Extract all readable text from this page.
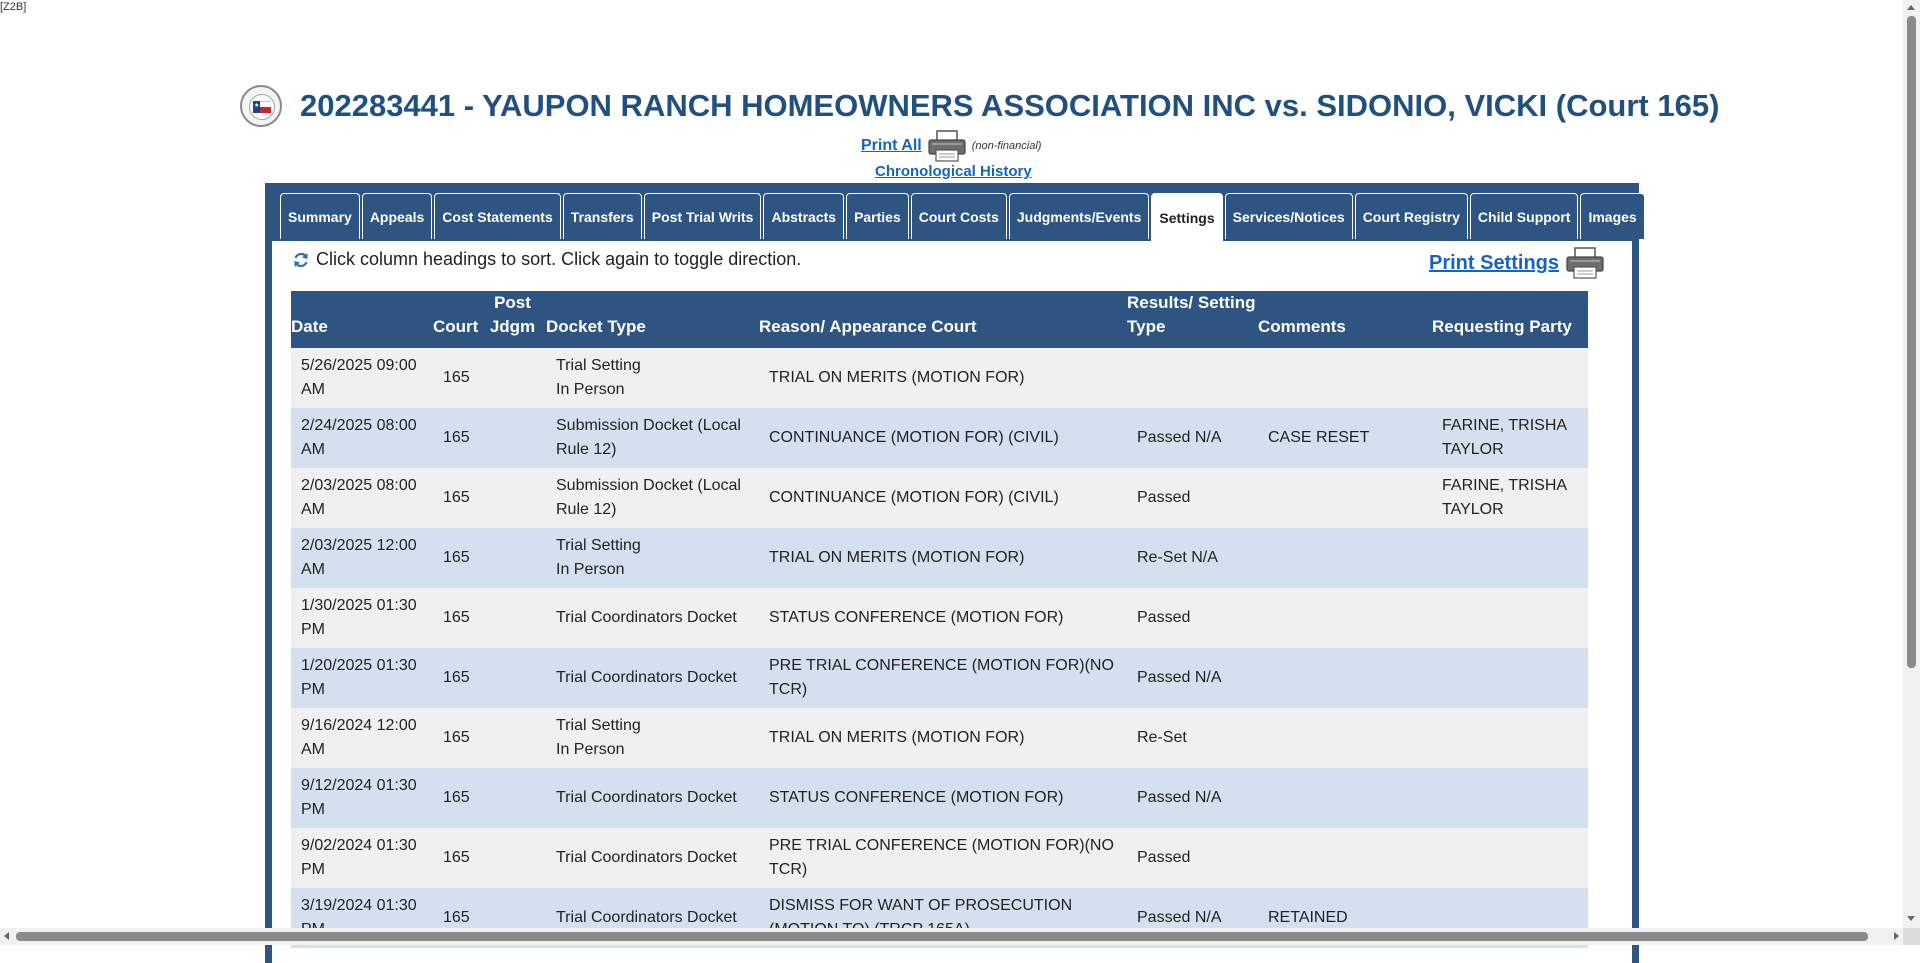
[Z2B]
★ 202283441 - YAUPON RANCH HOMEOWNERS ASSOCIATION INC vs. SIDONIO, VICKI (Court 165)
Print All	(non-financial)
Chronological History
Summary	Appeals	Cost Statements	Transfers	Post Trial Writs	Abstracts	Parties	Court Costs	Judgments/Events	Settings	Services/Notices	Court Registry	Child Support	Images
Click column headings to sort. Click again to toggle direction.	Print Settings
Date	Court	Post
Jdgm	Docket Type	Reason/ Appearance Court	Results/ Setting
Type	Comments	Requesting Party
5/26/2025 09:00
AM	165		Trial Setting
In Person	TRIAL ON MERITS (MOTION FOR)			
2/24/2025 08:00
AM	165		Submission Docket (Local
Rule 12)	CONTINUANCE (MOTION FOR) (CIVIL)	Passed N/A	CASE RESET	FARINE, TRISHA
TAYLOR
2/03/2025 08:00
AM	165		Submission Docket (Local
Rule 12)	CONTINUANCE (MOTION FOR) (CIVIL)	Passed		FARINE, TRISHA
TAYLOR
2/03/2025 12:00
AM	165		Trial Setting
In Person	TRIAL ON MERITS (MOTION FOR)	Re-Set N/A		
1/30/2025 01:30
PM	165		Trial Coordinators Docket	STATUS CONFERENCE (MOTION FOR)	Passed		
1/20/2025 01:30
PM	165		Trial Coordinators Docket	PRE TRIAL CONFERENCE (MOTION FOR)(NO
TCR)	Passed N/A		
9/16/2024 12:00
AM	165		Trial Setting
In Person	TRIAL ON MERITS (MOTION FOR)	Re-Set		
9/12/2024 01:30
PM	165		Trial Coordinators Docket	STATUS CONFERENCE (MOTION FOR)	Passed N/A		
9/02/2024 01:30
PM	165		Trial Coordinators Docket	PRE TRIAL CONFERENCE (MOTION FOR)(NO
TCR)	Passed		
3/19/2024 01:30	165		Trial Coordinators Docket	DISMISS FOR WANT OF PROSECUTION	Passed N/A	RETAINED	
